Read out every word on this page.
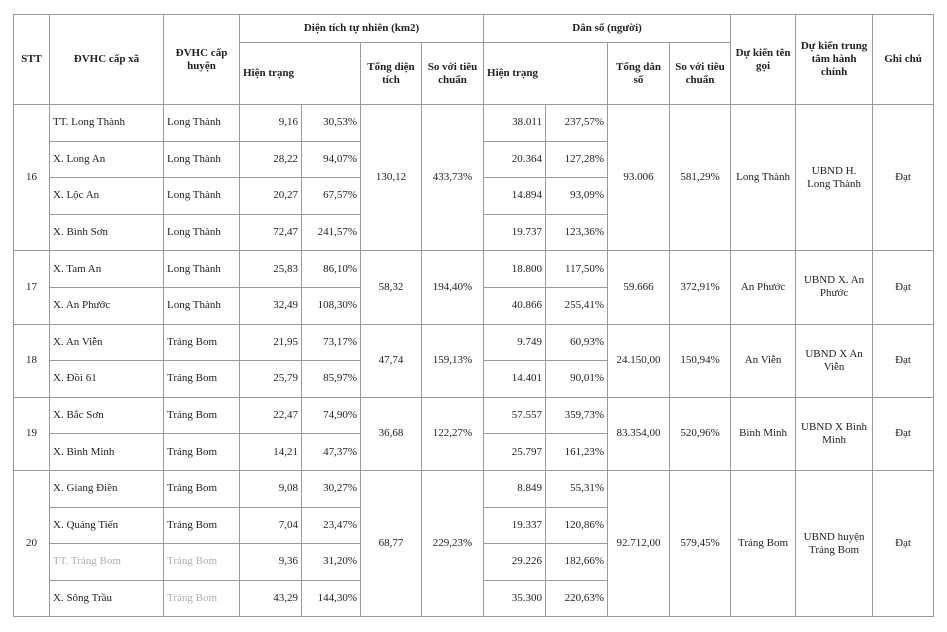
STT	ĐVHC cấp xã	ĐVHC cấp huyện	Diện tích tự nhiên (km2)				Dân số (người)				Dự kiến tên gọi	Dự kiến trung tâm hành chính	Ghi chú
			Hiện trạng		Tổng diện tích	So với tiêu chuẩn	Hiện trạng		Tổng dân số	So với tiêu chuẩn			
16	TT. Long Thành	Long Thành	9,16	30,53%	130,12	433,73%	38.011	237,57%	93.006	581,29%	Long Thành	UBND H. Long Thành	Đạt
	X. Long An	Long Thành	28,22	94,07%			20.364	127,28%					
	X. Lộc An	Long Thành	20,27	67,57%			14.894	93,09%					
	X. Bình Sơn	Long Thành	72,47	241,57%			19.737	123,36%					
17	X. Tam An	Long Thành	25,83	86,10%	58,32	194,40%	18.800	117,50%	59.666	372,91%	An Phước	UBND X. An Phước	Đạt
	X. An Phước	Long Thành	32,49	108,30%			40.866	255,41%					
18	X. An Viễn	Trảng Bom	21,95	73,17%	47,74	159,13%	9.749	60,93%	24.150,00	150,94%	An Viễn	UBND X An Viễn	Đạt
	X. Đồi 61	Trảng Bom	25,79	85,97%			14.401	90,01%					
19	X. Bắc Sơn	Trảng Bom	22,47	74,90%	36,68	122,27%	57.557	359,73%	83.354,00	520,96%	Bình Minh	UBND X Bình Minh	Đạt
	X. Bình Minh	Trảng Bom	14,21	47,37%			25.797	161,23%					
20	X. Giang Điền	Trảng Bom	9,08	30,27%	68,77	229,23%	8.849	55,31%	92.712,00	579,45%	Trảng Bom	UBND huyện Trảng Bom	Đạt
	X. Quảng Tiến	Trảng Bom	7,04	23,47%			19.337	120,86%					
	TT. Trảng Bom	Trảng Bom	9,36	31,20%			29.226	182,66%					
	X. Sông Trầu	Trảng Bom	43,29	144,30%			35.300	220,63%					
